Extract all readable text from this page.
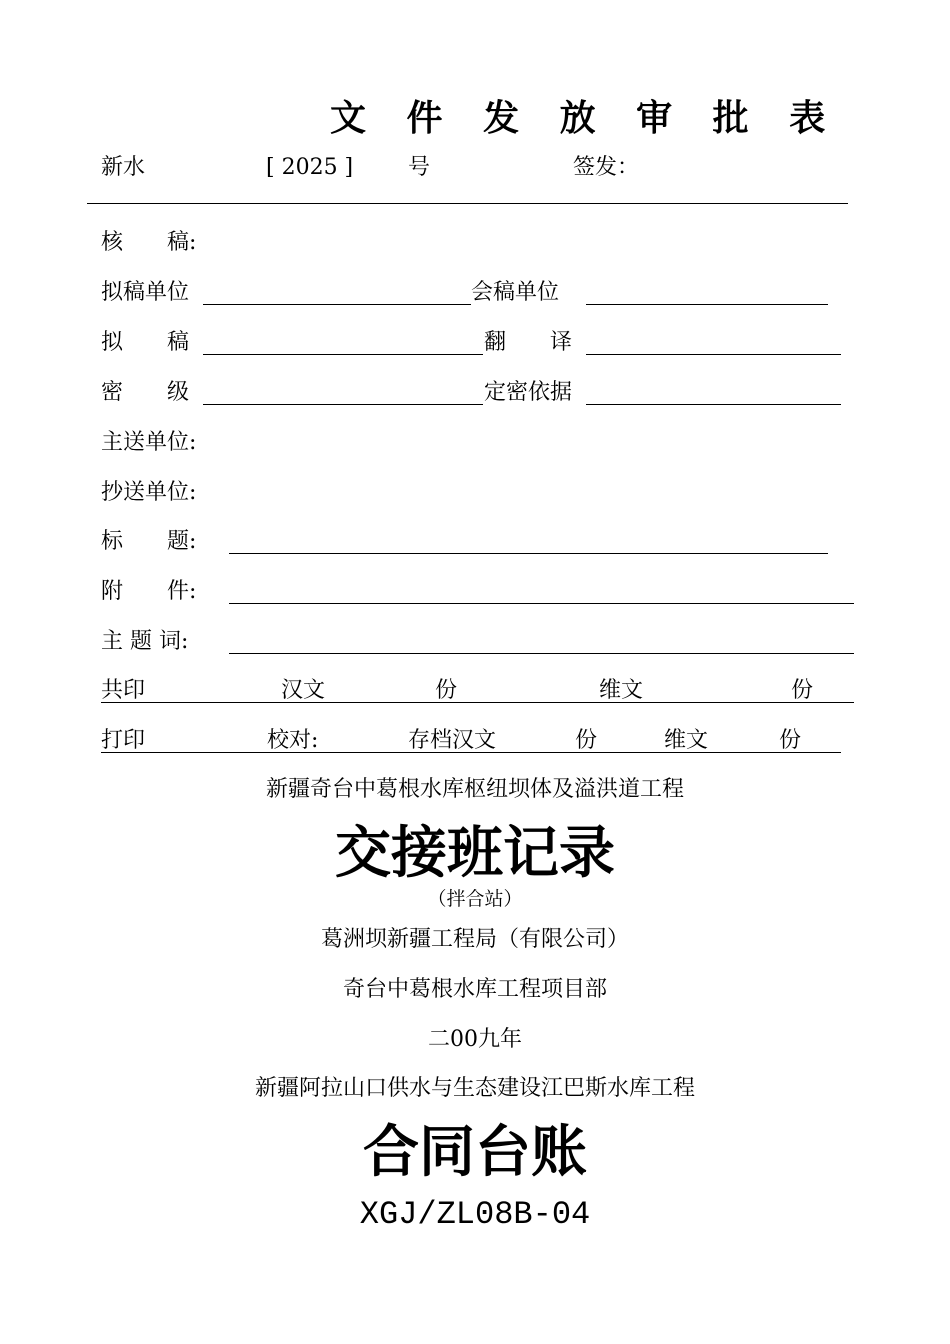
文 件 发 放 审 批 表
新水	[ 2025 ] 号	签发：
核　　稿:
拟稿单位	会稿单位
拟　　稿	翻　　译
密　　级	定密依据
主送单位:
抄送单位:
标　　题:
附　　件:
主 题 词:
共印	汉文	份	维文	份
打印	校对:	存档汉文	份	维文	份
新疆奇台中葛根水库枢纽坝体及溢洪道工程
交接班记录
（拌合站）
葛洲坝新疆工程局（有限公司）
奇台中葛根水库工程项目部
二00九年
新疆阿拉山口供水与生态建设江巴斯水库工程
合同台账
XGJ/ZL08B-04
